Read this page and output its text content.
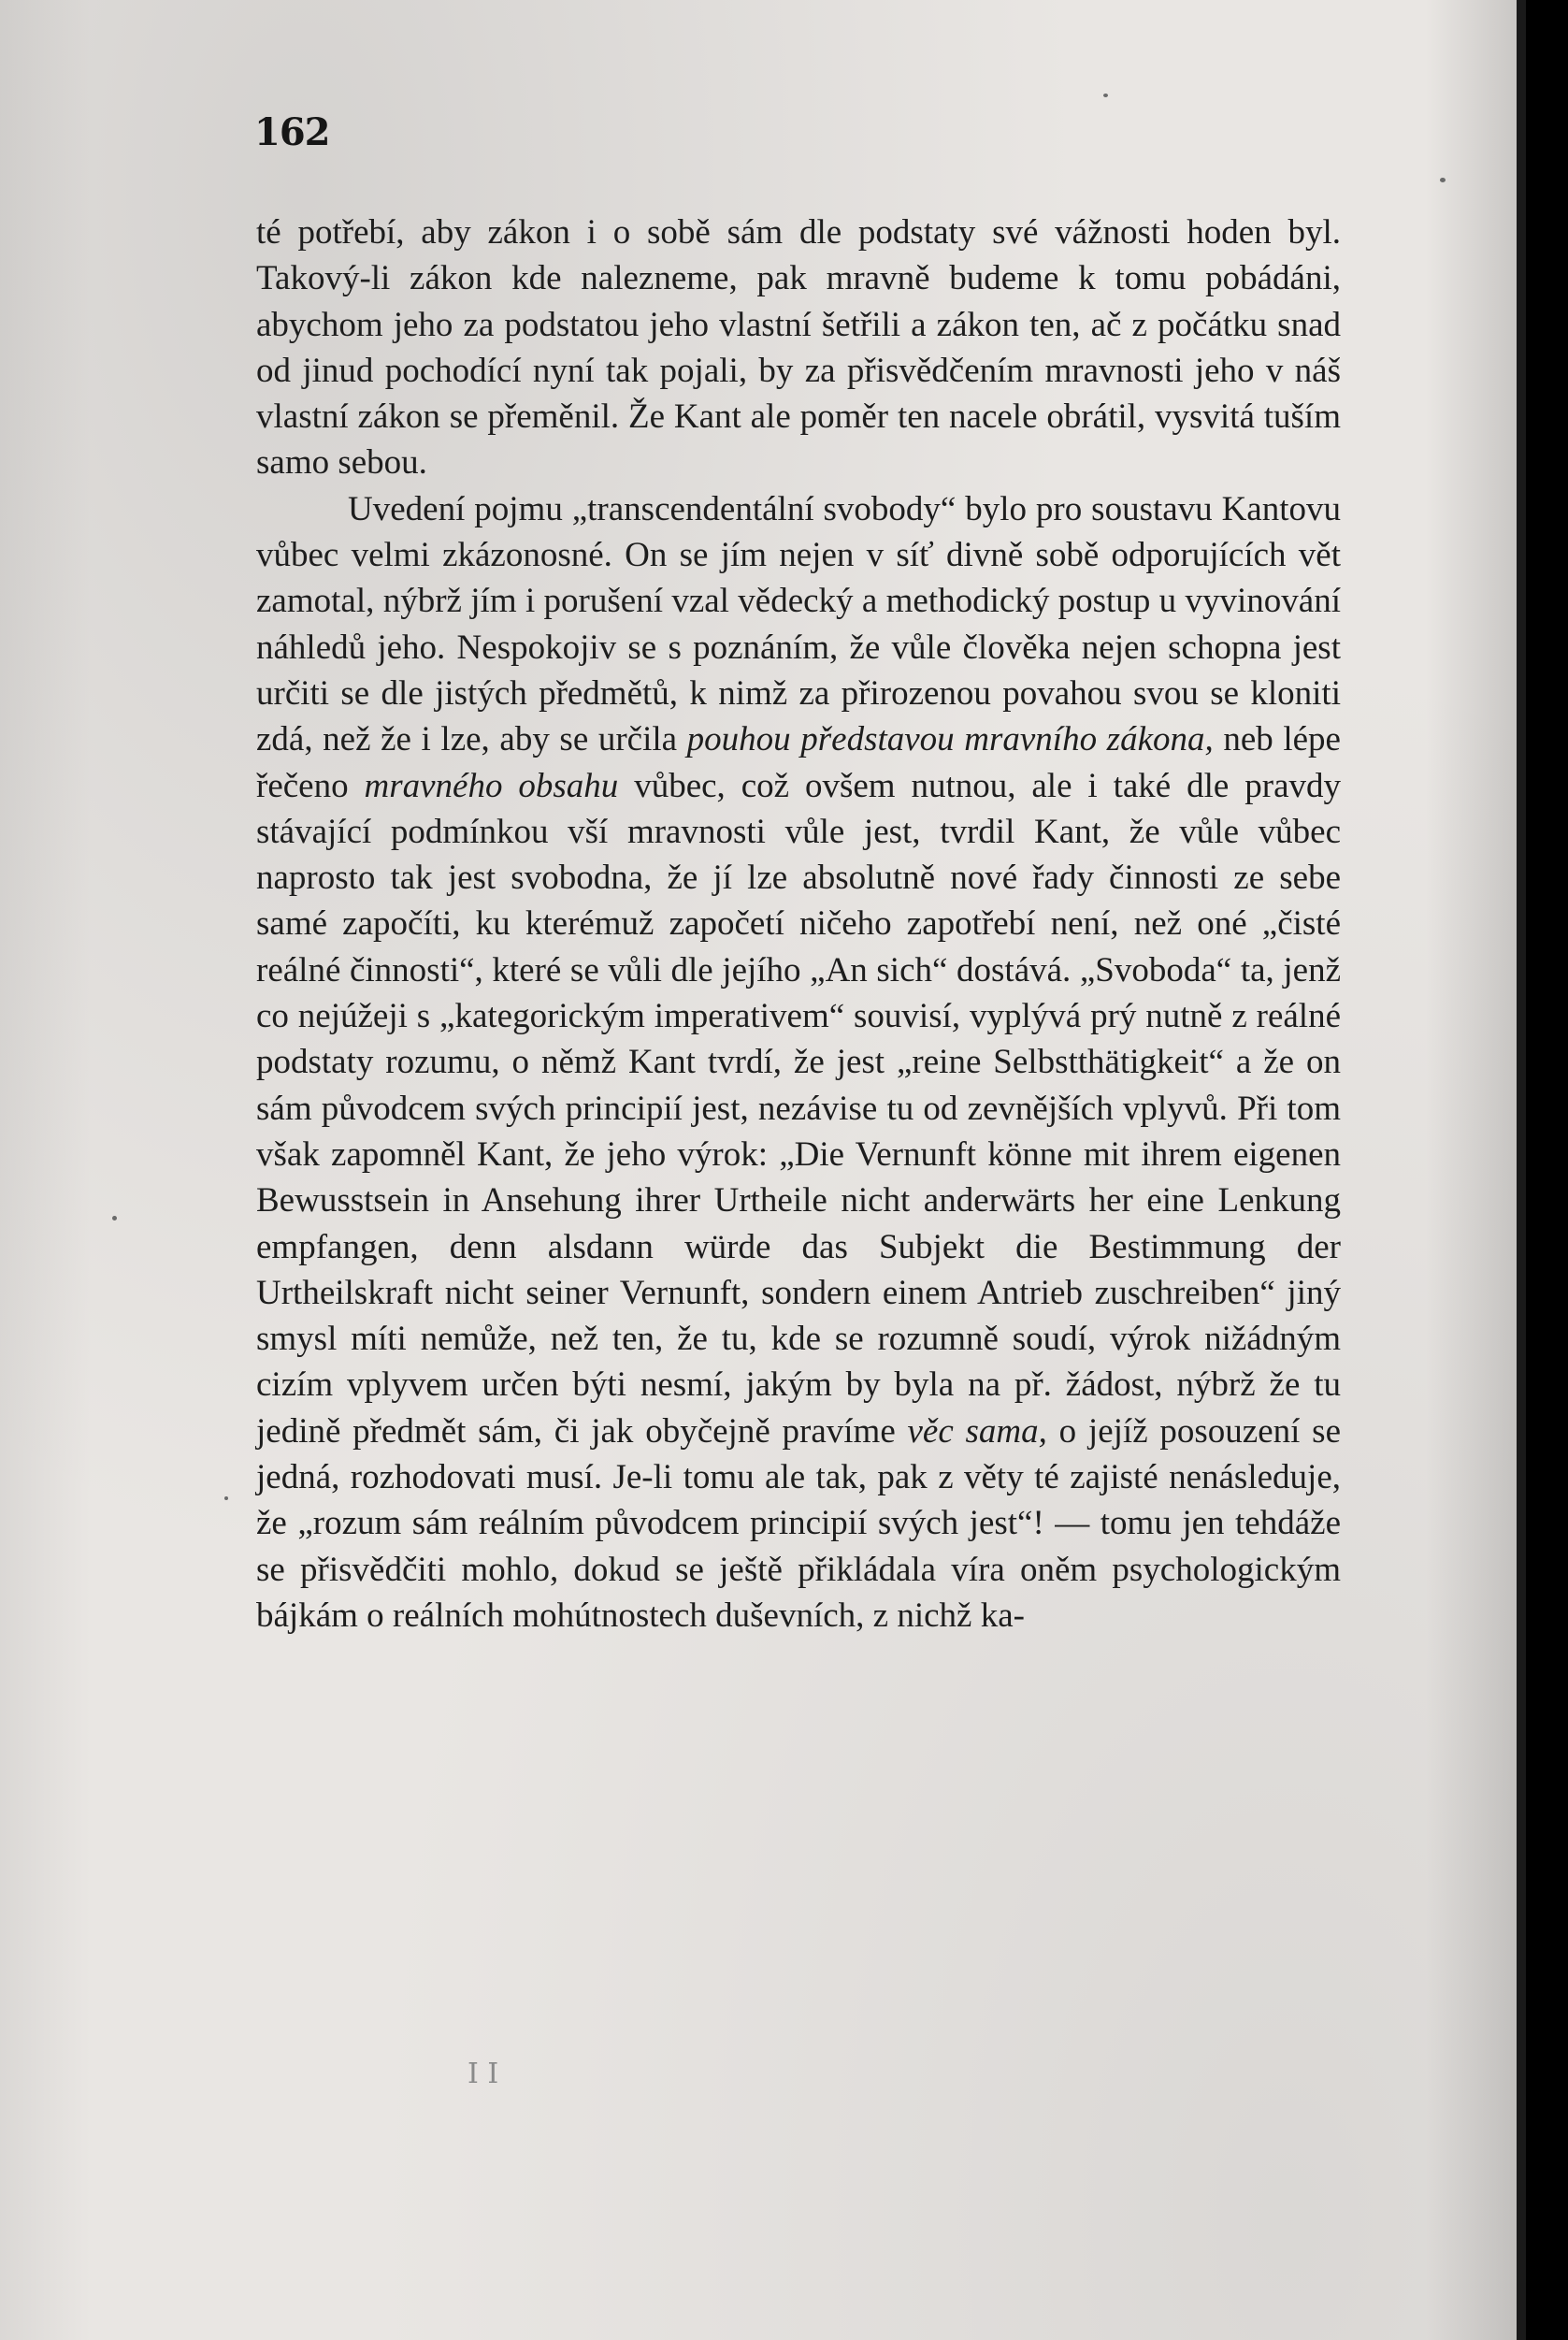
162

té potřebí, aby zákon i o sobě sám dle podstaty své vážnosti hoden byl. Takový-li zákon kde nalezneme, pak mravně budeme k tomu pobádáni, abychom jeho za podstatou jeho vlastní šetřili a zákon ten, ač z počátku snad od jinud pochodící nyní tak pojali, by za přisvědčením mravnosti jeho v náš vlastní zákon se přeměnil. Že Kant ale poměr ten nacele obrátil, vysvitá tuším samo sebou.

Uvedení pojmu „transcendentální svobody“ bylo pro soustavu Kantovu vůbec velmi zkázonosné. On se jím nejen v síť divně sobě odporujících vět zamotal, nýbrž jím i porušení vzal vědecký a methodický postup u vyvinování náhledů jeho. Nespokojiv se s poznáním, že vůle člověka nejen schopna jest určiti se dle jistých předmětů, k nimž za přirozenou povahou svou se kloniti zdá, než že i lze, aby se určila pouhou představou mravního zákona, neb lépe řečeno mravného obsahu vůbec, což ovšem nutnou, ale i také dle pravdy stávající podmínkou vší mravnosti vůle jest, tvrdil Kant, že vůle vůbec naprosto tak jest svobodna, že jí lze absolutně nové řady činnosti ze sebe samé započíti, ku kterémuž započetí ničeho zapotřebí není, než oné „čisté reálné činnosti“, které se vůli dle jejího „An sich“ dostává. „Svoboda“ ta, jenž co nejúžeji s „kategorickým imperativem“ souvisí, vyplývá prý nutně z reálné podstaty rozumu, o němž Kant tvrdí, že jest „reine Selbstthätigkeit“ a že on sám původcem svých principií jest, nezávise tu od zevnějších vplyvů. Při tom však zapomněl Kant, že jeho výrok: „Die Vernunft könne mit ihrem eigenen Bewusstsein in Ansehung ihrer Urtheile nicht anderwärts her eine Lenkung empfangen, denn alsdann würde das Subjekt die Bestimmung der Urtheilskraft nicht seiner Vernunft, sondern einem Antrieb zuschreiben“ jiný smysl míti nemůže, než ten, že tu, kde se rozumně soudí, výrok nižádným cizím vplyvem určen býti nesmí, jakým by byla na př. žádost, nýbrž že tu jedině předmět sám, či jak obyčejně pravíme věc sama, o jejíž posouzení se jedná, rozhodovati musí. Je-li tomu ale tak, pak z věty té zajisté nenásleduje, že „rozum sám reálním původcem principií svých jest“! — tomu jen tehdáže se přisvědčiti mohlo, dokud se ještě přikládala víra oněm psychologickým bájkám o reálních mohútnostech duševních, z nichž ka-

I I
